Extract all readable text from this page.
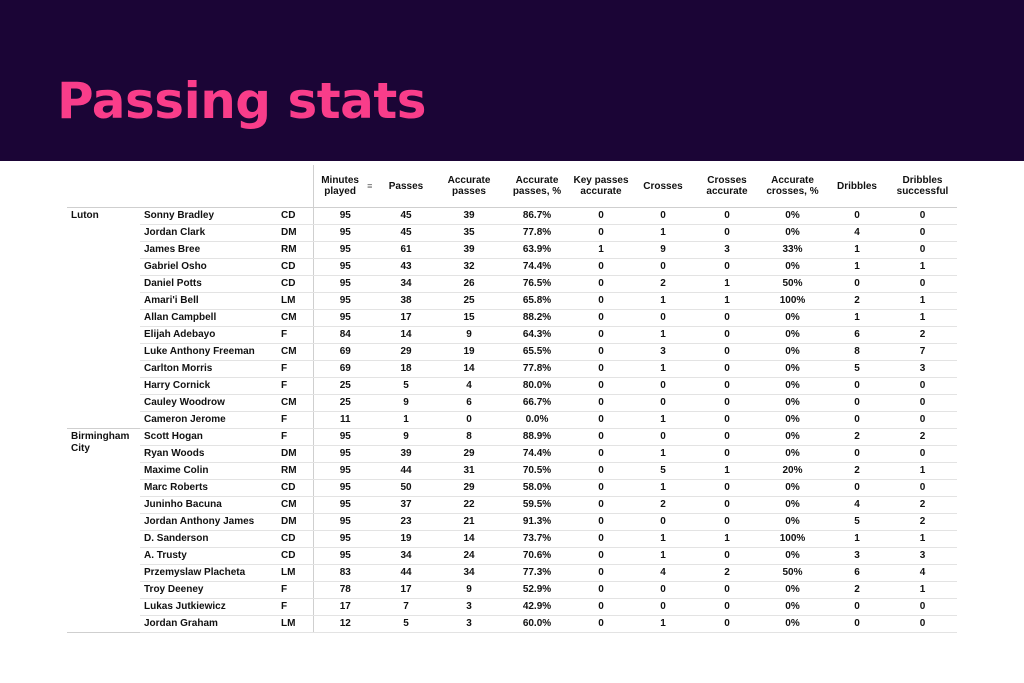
Passing stats
			Minutes played≡	Passes	Accurate passes	Accurate passes, %	Key passes accurate	Crosses	Crosses accurate	Accurate crosses, %	Dribbles	Dribbles successful
Luton	Sonny Bradley	CD	95	45	39	86.7%	0	0	0	0%	0	0
	Jordan Clark	DM	95	45	35	77.8%	0	1	0	0%	4	0
	James Bree	RM	95	61	39	63.9%	1	9	3	33%	1	0
	Gabriel Osho	CD	95	43	32	74.4%	0	0	0	0%	1	1
	Daniel Potts	CD	95	34	26	76.5%	0	2	1	50%	0	0
	Amari'i Bell	LM	95	38	25	65.8%	0	1	1	100%	2	1
	Allan Campbell	CM	95	17	15	88.2%	0	0	0	0%	1	1
	Elijah Adebayo	F	84	14	9	64.3%	0	1	0	0%	6	2
	Luke Anthony Freeman	CM	69	29	19	65.5%	0	3	0	0%	8	7
	Carlton Morris	F	69	18	14	77.8%	0	1	0	0%	5	3
	Harry Cornick	F	25	5	4	80.0%	0	0	0	0%	0	0
	Cauley Woodrow	CM	25	9	6	66.7%	0	0	0	0%	0	0
	Cameron Jerome	F	11	1	0	0.0%	0	1	0	0%	0	0
Birmingham City	Scott Hogan	F	95	9	8	88.9%	0	0	0	0%	2	2
	Ryan Woods	DM	95	39	29	74.4%	0	1	0	0%	0	0
	Maxime Colin	RM	95	44	31	70.5%	0	5	1	20%	2	1
	Marc Roberts	CD	95	50	29	58.0%	0	1	0	0%	0	0
	Juninho Bacuna	CM	95	37	22	59.5%	0	2	0	0%	4	2
	Jordan Anthony James	DM	95	23	21	91.3%	0	0	0	0%	5	2
	D. Sanderson	CD	95	19	14	73.7%	0	1	1	100%	1	1
	A. Trusty	CD	95	34	24	70.6%	0	1	0	0%	3	3
	Przemyslaw Placheta	LM	83	44	34	77.3%	0	4	2	50%	6	4
	Troy Deeney	F	78	17	9	52.9%	0	0	0	0%	2	1
	Lukas Jutkiewicz	F	17	7	3	42.9%	0	0	0	0%	0	0
	Jordan Graham	LM	12	5	3	60.0%	0	1	0	0%	0	0
